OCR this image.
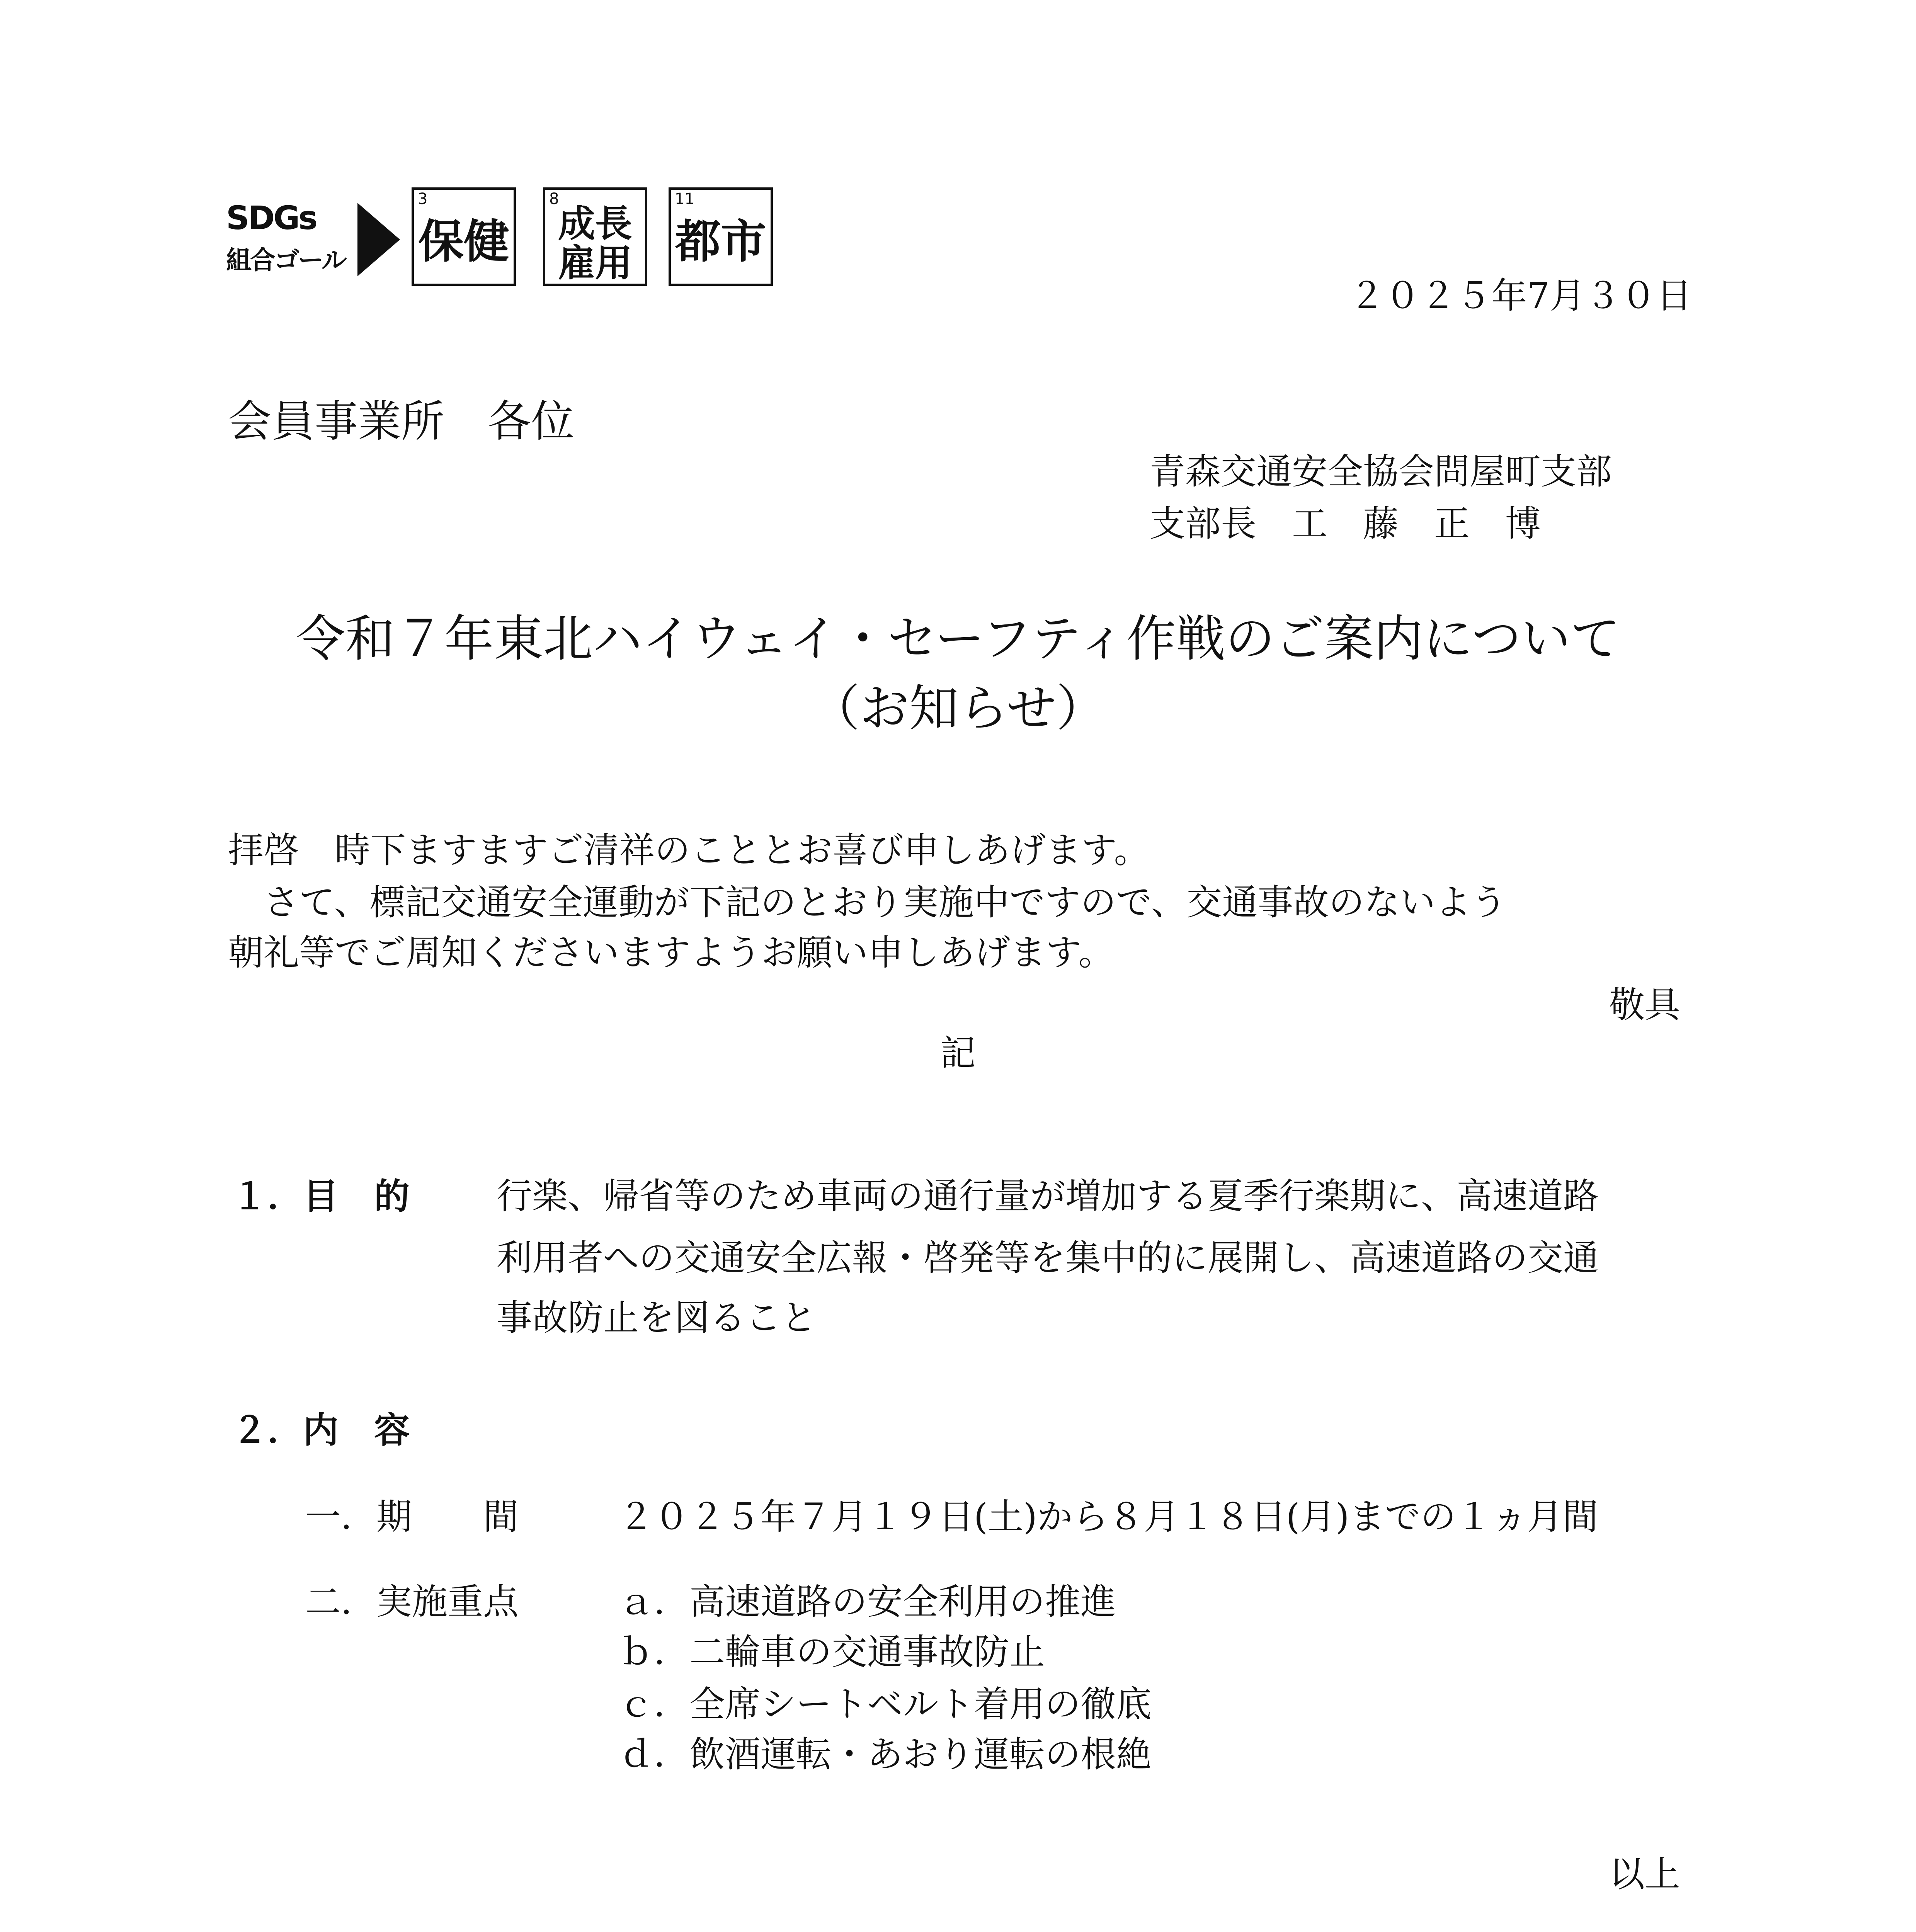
SDGs
組合ゴール
3
保健
8
成長
雇用
11
都市
２０２５年7月３０日
会員事業所　各位
青森交通安全協会問屋町支部
支部長　工　藤　正　博
令和７年東北ハイウェイ・セーフティ作戦のご案内について
（お知らせ）
拝啓　時下ますますご清祥のこととお喜び申しあげます。
　さて、標記交通安全運動が下記のとおり実施中ですので、交通事故のないよう
朝礼等でご周知くださいますようお願い申しあげます。
敬具
記
１．目　的 行楽、帰省等のため車両の通行量が増加する夏季行楽期に、高速道路
利用者への交通安全広報・啓発等を集中的に展開し、高速道路の交通
事故防止を図ること
２．内　容
一．期　　間	２０２５年７月１９日(土)から８月１８日(月)までの１ヵ月間
二．実施重点	ａ．高速道路の安全利用の推進
ｂ．二輪車の交通事故防止
ｃ．全席シートベルト着用の徹底
ｄ．飲酒運転・あおり運転の根絶
以上
